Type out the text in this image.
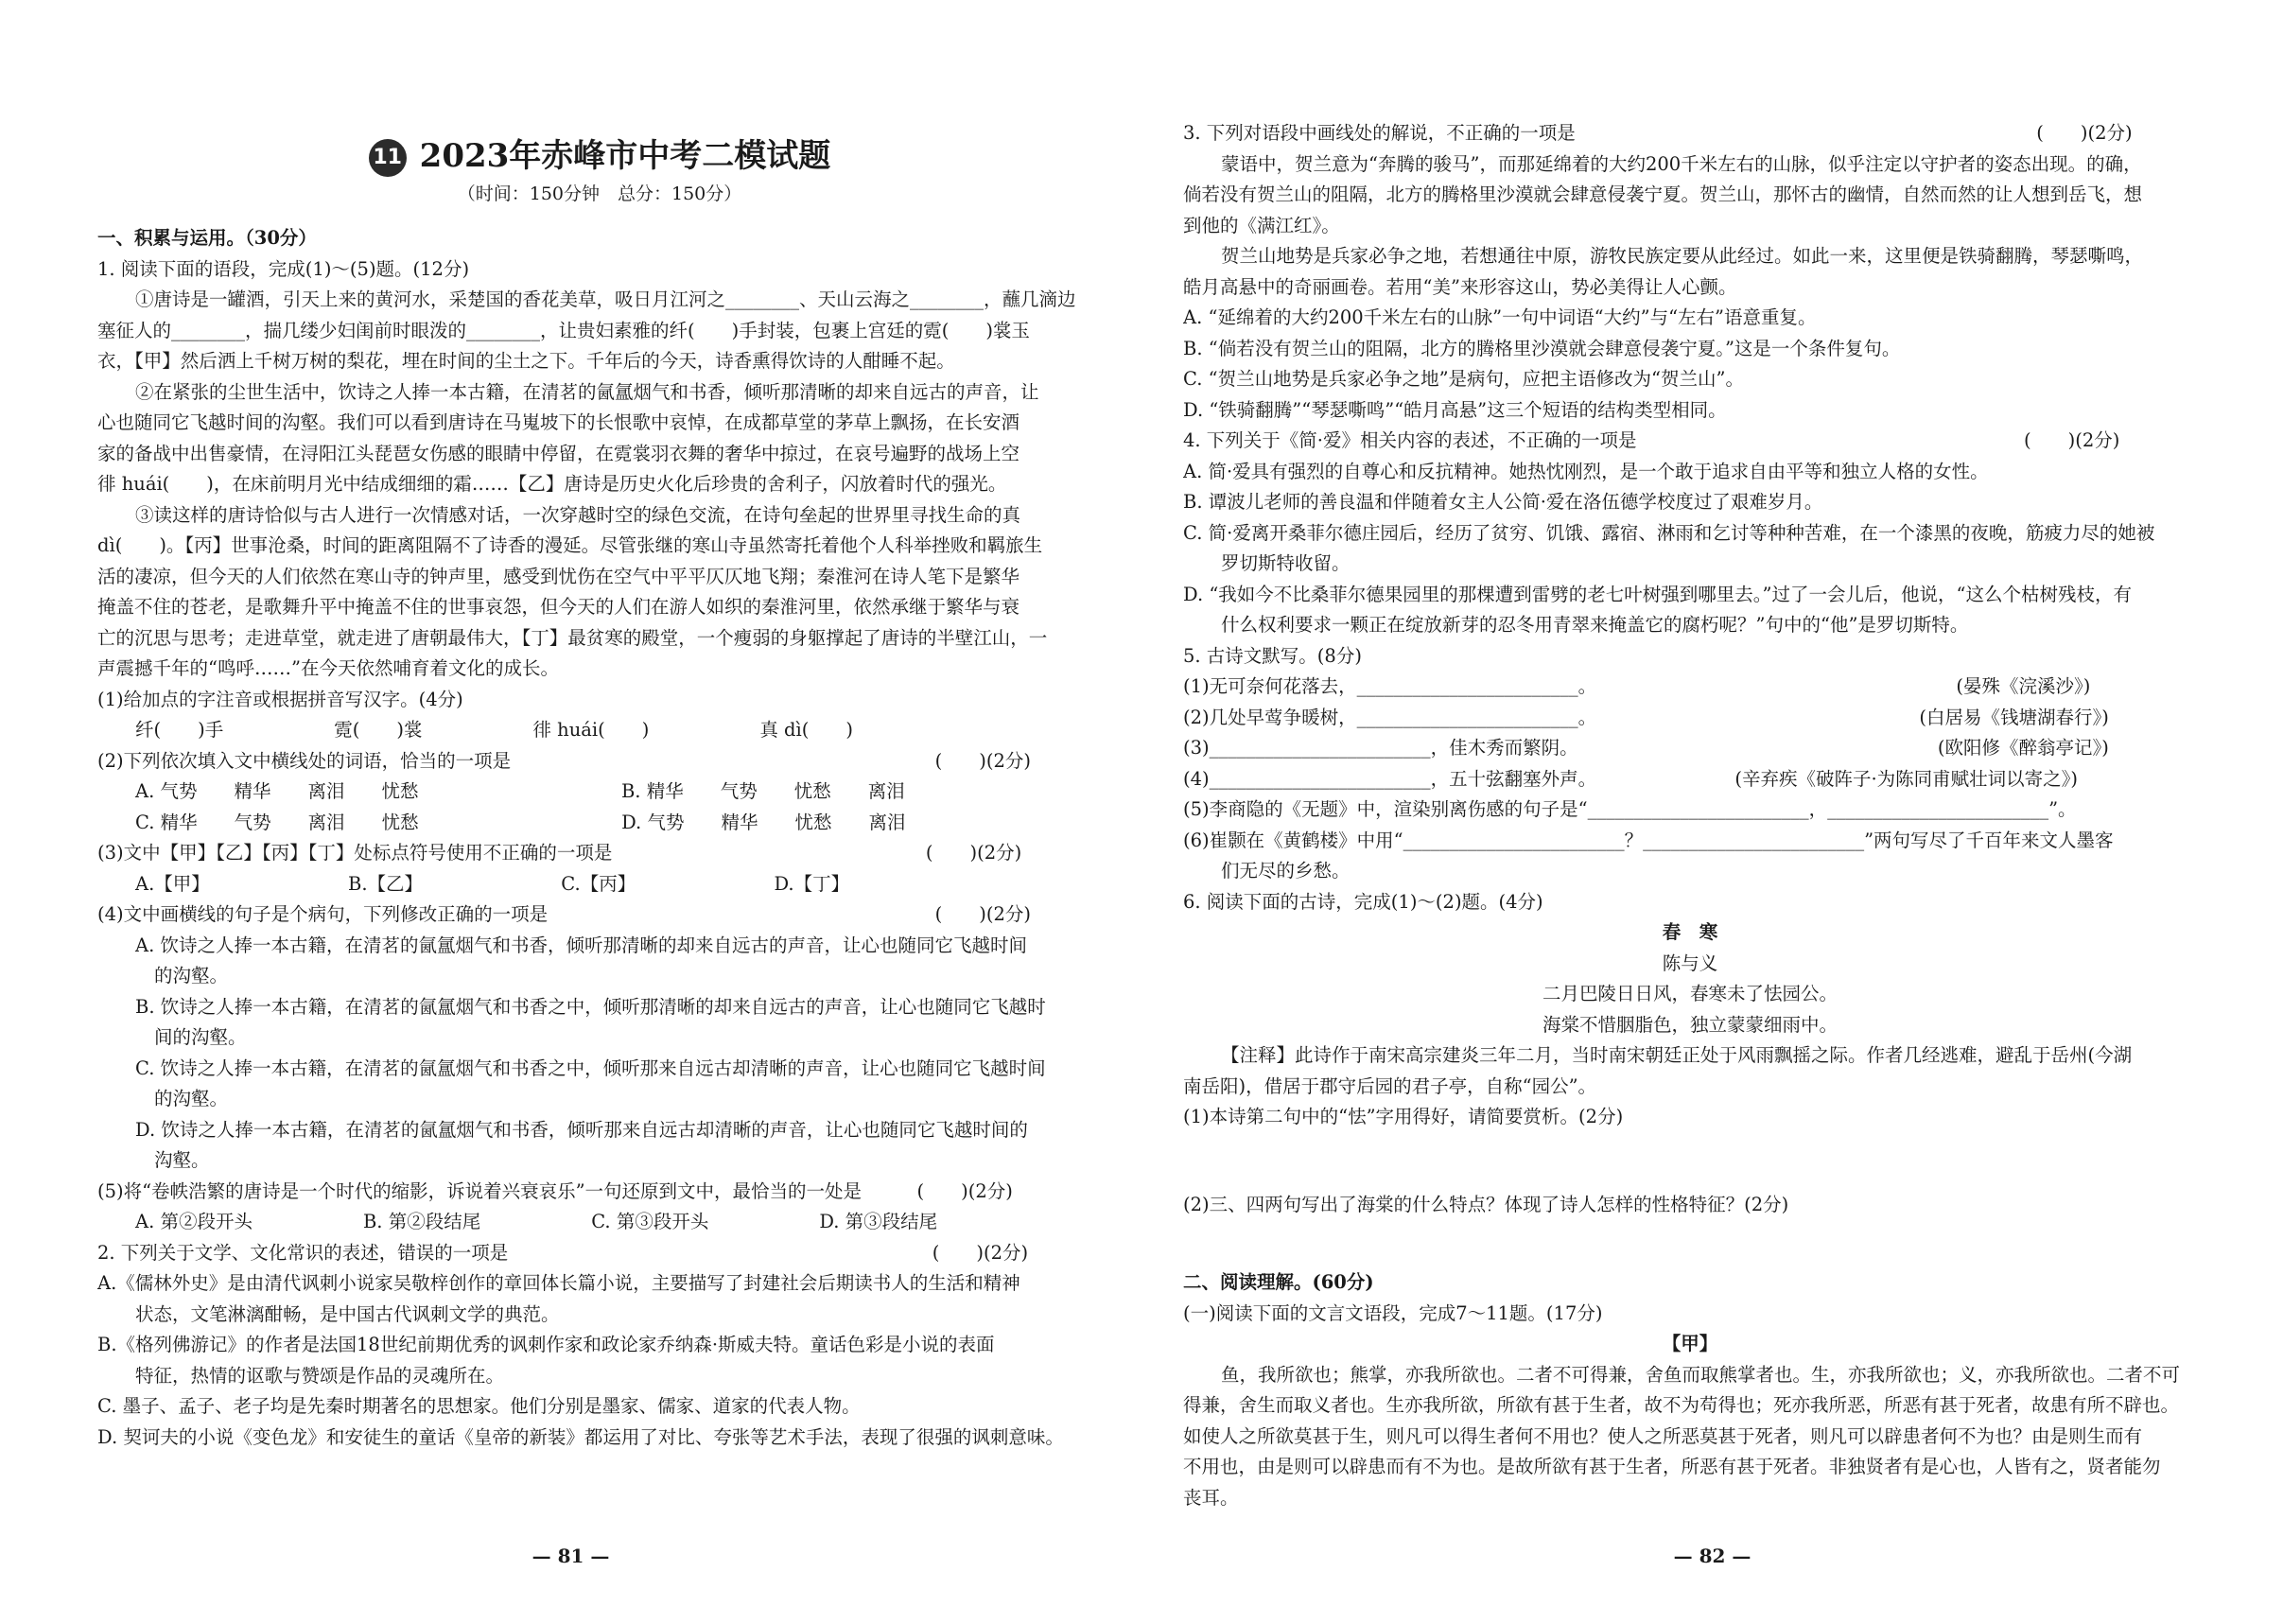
11 2023年赤峰市中考二模试题
（时间：150分钟　总分：150分）
一、积累与运用。（30分）
1. 阅读下面的语段，完成(1)～(5)题。(12分)
①唐诗是一罐酒，引天上来的黄河水，采楚国的香花美草，吸日月江河之________、天山云海之________，蘸几滴边
塞征人的________，揣几缕少妇闺前时眼泼的________，让贵妇素雅的纤(　　)手封装，包裹上宫廷的霓(　　)裳玉
衣，【甲】然后洒上千树万树的梨花，埋在时间的尘土之下。千年后的今天，诗香熏得饮诗的人酣睡不起。
②在紧张的尘世生活中，饮诗之人捧一本古籍，在清茗的氤氲烟气和书香，倾听那清晰的却来自远古的声音，让
心也随同它飞越时间的沟壑。我们可以看到唐诗在马嵬坡下的长恨歌中哀悼，在成都草堂的茅草上飘扬，在长安酒
家的备战中出售豪情，在浔阳江头琵琶女伤感的眼睛中停留，在霓裳羽衣舞的奢华中掠过，在哀号遍野的战场上空
徘 huái(　　)，在床前明月光中结成细细的霜……【乙】唐诗是历史火化后珍贵的舍利子，闪放着时代的强光。
③读这样的唐诗恰似与古人进行一次情感对话，一次穿越时空的绿色交流，在诗句垒起的世界里寻找生命的真
dì(　　)。【丙】世事沧桑，时间的距离阻隔不了诗香的漫延。尽管张继的寒山寺虽然寄托着他个人科举挫败和羁旅生
活的凄凉，但今天的人们依然在寒山寺的钟声里，感受到忧伤在空气中平平仄仄地飞翔；秦淮河在诗人笔下是繁华
掩盖不住的苍老，是歌舞升平中掩盖不住的世事哀怨，但今天的人们在游人如织的秦淮河里，依然承继于繁华与衰
亡的沉思与思考；走进草堂，就走进了唐朝最伟大，【丁】最贫寒的殿堂，一个瘦弱的身躯撑起了唐诗的半壁江山，一
声震撼千年的“鸣呼……”在今天依然哺育着文化的成长。
(1)给加点的字注音或根据拼音写汉字。(4分)
纤(　　)手　　　　　　霓(　　)裳　　　　　　徘 huái(　　)　　　　　　真 dì(　　)
(2)下列依次填入文中横线处的词语，恰当的一项是　　　　　　　　　　　　　　　　　　　　　　　(　　)(2分)
A. 气势　　精华　　离泪　　忧愁　　　　　　　　　　　B. 精华　　气势　　忧愁　　离泪
C. 精华　　气势　　离泪　　忧愁　　　　　　　　　　　D. 气势　　精华　　忧愁　　离泪
(3)文中【甲】【乙】【丙】【丁】处标点符号使用不正确的一项是　　　　　　　　　　　　　　　　　(　　)(2分)
A.【甲】　　　　　　　　B.【乙】　　　　　　　　C.【丙】　　　　　　　　D.【丁】
(4)文中画横线的句子是个病句，下列修改正确的一项是　　　　　　　　　　　　　　　　　　　　　(　　)(2分)
A. 饮诗之人捧一本古籍，在清茗的氤氲烟气和书香，倾听那清晰的却来自远古的声音，让心也随同它飞越时间
的沟壑。
B. 饮诗之人捧一本古籍，在清茗的氤氲烟气和书香之中，倾听那清晰的却来自远古的声音，让心也随同它飞越时
间的沟壑。
C. 饮诗之人捧一本古籍，在清茗的氤氲烟气和书香之中，倾听那来自远古却清晰的声音，让心也随同它飞越时间
的沟壑。
D. 饮诗之人捧一本古籍，在清茗的氤氲烟气和书香，倾听那来自远古却清晰的声音，让心也随同它飞越时间的
沟壑。
(5)将“卷帙浩繁的唐诗是一个时代的缩影，诉说着兴衰哀乐”一句还原到文中，最恰当的一处是　　　(　　)(2分)
A. 第②段开头　　　　　　B. 第②段结尾　　　　　　C. 第③段开头　　　　　　D. 第③段结尾
2. 下列关于文学、文化常识的表述，错误的一项是　　　　　　　　　　　　　　　　　　　　　　　(　　)(2分)
A.《儒林外史》是由清代讽刺小说家吴敬梓创作的章回体长篇小说，主要描写了封建社会后期读书人的生活和精神
状态，文笔淋漓酣畅，是中国古代讽刺文学的典范。
B.《格列佛游记》的作者是法国18世纪前期优秀的讽刺作家和政论家乔纳森·斯威夫特。童话色彩是小说的表面
特征，热情的讴歌与赞颂是作品的灵魂所在。
C. 墨子、孟子、老子均是先秦时期著名的思想家。他们分别是墨家、儒家、道家的代表人物。
D. 契诃夫的小说《变色龙》和安徒生的童话《皇帝的新装》都运用了对比、夸张等艺术手法，表现了很强的讽刺意味。
— 81 —
3. 下列对语段中画线处的解说，不正确的一项是　　　　　　　　　　　　　　　　　　　　　　　　　(　　)(2分)
蒙语中，贺兰意为“奔腾的骏马”，而那延绵着的大约200千米左右的山脉，似乎注定以守护者的姿态出现。的确，
倘若没有贺兰山的阻隔，北方的腾格里沙漠就会肆意侵袭宁夏。贺兰山，那怀古的幽情，自然而然的让人想到岳飞，想
到他的《满江红》。
贺兰山地势是兵家必争之地，若想通往中原，游牧民族定要从此经过。如此一来，这里便是铁骑翻腾，琴瑟嘶鸣，
皓月高悬中的奇丽画卷。若用“美”来形容这山，势必美得让人心颤。
A. “延绵着的大约200千米左右的山脉”一句中词语“大约”与“左右”语意重复。
B. “倘若没有贺兰山的阻隔，北方的腾格里沙漠就会肆意侵袭宁夏。”这是一个条件复句。
C. “贺兰山地势是兵家必争之地”是病句，应把主语修改为“贺兰山”。
D. “铁骑翻腾”“琴瑟嘶鸣”“皓月高悬”这三个短语的结构类型相同。
4. 下列关于《简·爱》相关内容的表述，不正确的一项是　　　　　　　　　　　　　　　　　　　　　(　　)(2分)
A. 简·爱具有强烈的自尊心和反抗精神。她热忱刚烈，是一个敢于追求自由平等和独立人格的女性。
B. 谭波儿老师的善良温和伴随着女主人公简·爱在洛伍德学校度过了艰难岁月。
C. 简·爱离开桑菲尔德庄园后，经历了贫穷、饥饿、露宿、淋雨和乞讨等种种苦难，在一个漆黑的夜晚，筋疲力尽的她被
罗切斯特收留。
D. “我如今不比桑菲尔德果园里的那棵遭到雷劈的老七叶树强到哪里去。”过了一会儿后，他说，“这么个枯树残枝，有
什么权利要求一颗正在绽放新芽的忍冬用青翠来掩盖它的腐朽呢？”句中的“他”是罗切斯特。
5. 古诗文默写。(8分)
(1)无可奈何花落去，________________________。　　　　　　　　　　　　　　　　　　　　(晏殊《浣溪沙》)
(2)几处早莺争暖树，________________________。　　　　　　　　　　　　　　　　　　(白居易《钱塘湖春行》)
(3)________________________，佳木秀而繁阴。　　　　　　　　　　　　　　　　　　　　(欧阳修《醉翁亭记》)
(4)________________________，五十弦翻塞外声。　　　　　　　　(辛弃疾《破阵子·为陈同甫赋壮词以寄之》)
(5)李商隐的《无题》中，渲染别离伤感的句子是“________________________，________________________”。
(6)崔颢在《黄鹤楼》中用“________________________？________________________”两句写尽了千百年来文人墨客
们无尽的乡愁。
6. 阅读下面的古诗，完成(1)～(2)题。(4分)
春　寒
陈与义
二月巴陵日日风，春寒未了怯园公。
海棠不惜胭脂色，独立蒙蒙细雨中。
【注释】此诗作于南宋高宗建炎三年二月，当时南宋朝廷正处于风雨飘摇之际。作者几经逃难，避乱于岳州(今湖
南岳阳)，借居于郡守后园的君子亭，自称“园公”。
(1)本诗第二句中的“怯”字用得好，请简要赏析。(2分)
(2)三、四两句写出了海棠的什么特点？体现了诗人怎样的性格特征？(2分)
二、阅读理解。(60分)
(一)阅读下面的文言文语段，完成7～11题。(17分)
【甲】
鱼，我所欲也；熊掌，亦我所欲也。二者不可得兼，舍鱼而取熊掌者也。生，亦我所欲也；义，亦我所欲也。二者不可
得兼，舍生而取义者也。生亦我所欲，所欲有甚于生者，故不为苟得也；死亦我所恶，所恶有甚于死者，故患有所不辟也。
如使人之所欲莫甚于生，则凡可以得生者何不用也？使人之所恶莫甚于死者，则凡可以辟患者何不为也？由是则生而有
不用也，由是则可以辟患而有不为也。是故所欲有甚于生者，所恶有甚于死者。非独贤者有是心也，人皆有之，贤者能勿
丧耳。
— 82 —
